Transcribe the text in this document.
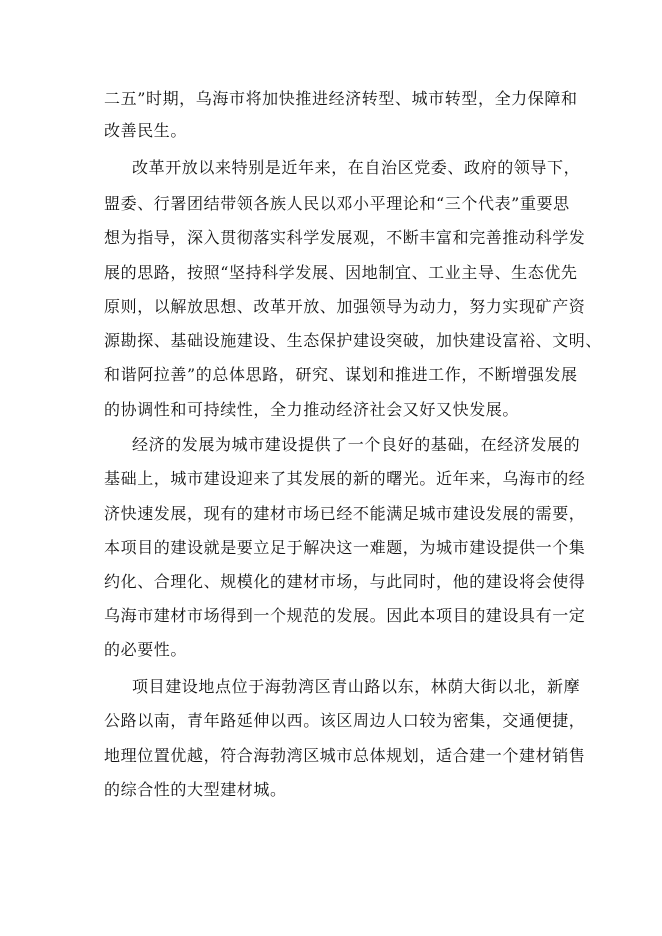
二五”时期，乌海市将加快推进经济转型、城市转型，全力保障和
改善民生。
改革开放以来特别是近年来，在自治区党委、政府的领导下，
盟委、行署团结带领各族人民以邓小平理论和“三个代表”重要思
想为指导，深入贯彻落实科学发展观，不断丰富和完善推动科学发
展的思路，按照“坚持科学发展、因地制宜、工业主导、生态优先
原则，以解放思想、改革开放、加强领导为动力，努力实现矿产资
源勘探、基础设施建设、生态保护建设突破，加快建设富裕、文明、
和谐阿拉善”的总体思路，研究、谋划和推进工作，不断增强发展
的协调性和可持续性，全力推动经济社会又好又快发展。
经济的发展为城市建设提供了一个良好的基础，在经济发展的
基础上，城市建设迎来了其发展的新的曙光。近年来，乌海市的经
济快速发展，现有的建材市场已经不能满足城市建设发展的需要，
本项目的建设就是要立足于解决这一难题，为城市建设提供一个集
约化、合理化、规模化的建材市场，与此同时，他的建设将会使得
乌海市建材市场得到一个规范的发展。因此本项目的建设具有一定
的必要性。
项目建设地点位于海勃湾区青山路以东，林荫大街以北，新摩
公路以南，青年路延伸以西。该区周边人口较为密集，交通便捷，
地理位置优越，符合海勃湾区城市总体规划，适合建一个建材销售
的综合性的大型建材城。
